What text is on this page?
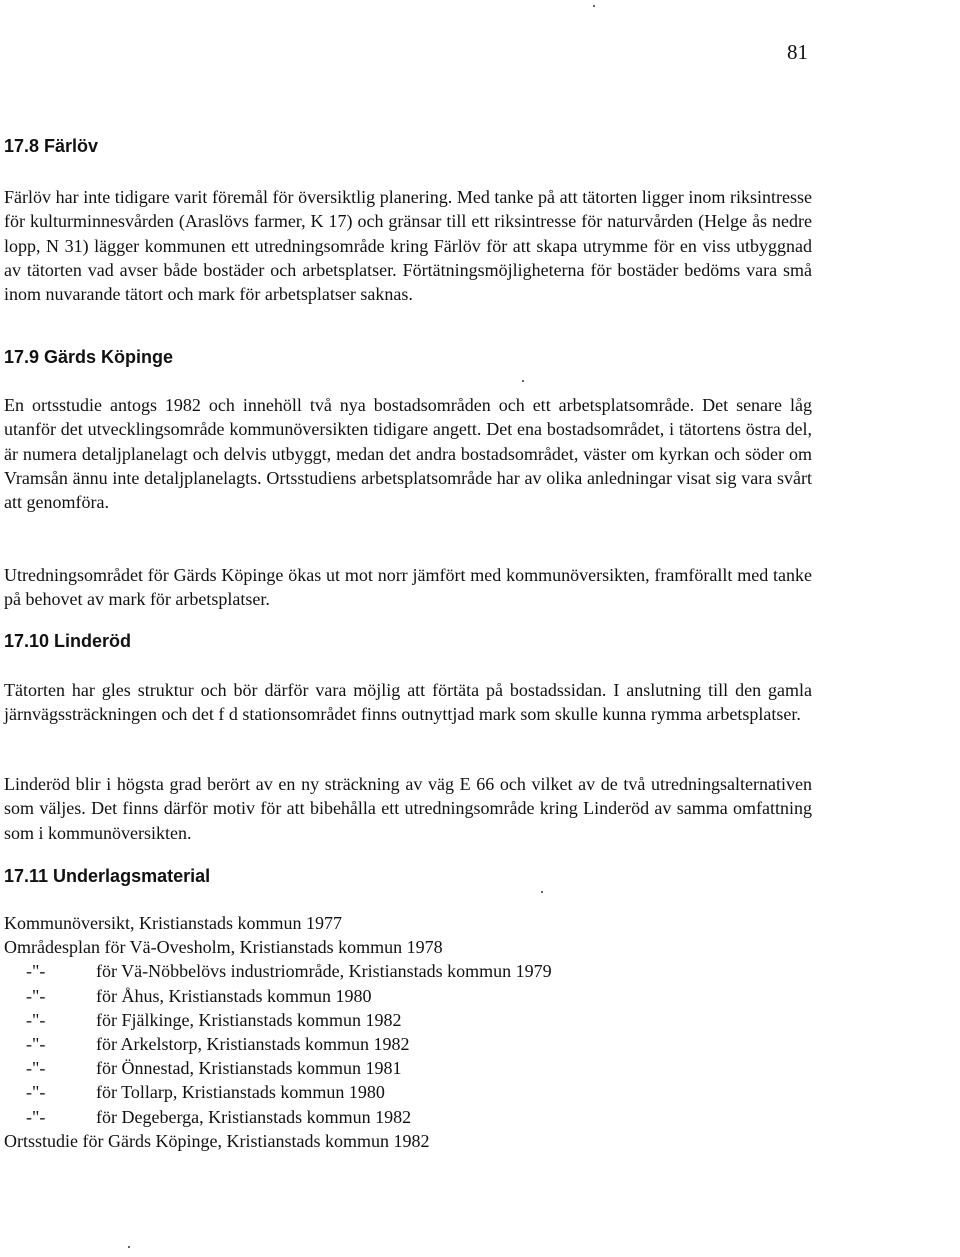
81
17.8 Färlöv

Färlöv har inte tidigare varit föremål för översiktlig planering. Med tanke på att tätorten ligger inom riksintresse för kulturminnesvården (Araslövs farmer, K 17) och gränsar till ett riksintresse för naturvården (Helge ås nedre lopp, N 31) lägger kommunen ett utredningsområde kring Färlöv för att skapa utrymme för en viss utbyggnad av tätorten vad avser både bostäder och arbetsplatser. Förtätningsmöjligheterna för bostäder bedöms vara små inom nuvarande tätort och mark för arbetsplatser saknas.

17.9 Gärds Köpinge

En ortsstudie antogs 1982 och innehöll två nya bostadsområden och ett arbetsplatsområde. Det senare låg utanför det utvecklingsområde kommunöversikten tidigare angett. Det ena bostadsområdet, i tätortens östra del, är numera detaljplanelagt och delvis utbyggt, medan det andra bostadsområdet, väster om kyrkan och söder om Vramsån ännu inte detaljplanelagts. Ortsstudiens arbetsplatsområde har av olika anledningar visat sig vara svårt att genomföra.

Utredningsområdet för Gärds Köpinge ökas ut mot norr jämfört med kommunöversikten, framförallt med tanke på behovet av mark för arbetsplatser.

17.10 Linderöd

Tätorten har gles struktur och bör därför vara möjlig att förtäta på bostadssidan. I anslutning till den gamla järnvägssträckningen och det f d stationsområdet finns outnyttjad mark som skulle kunna rymma arbetsplatser.

Linderöd blir i högsta grad berört av en ny sträckning av väg E 66 och vilket av de två utredningsalternativen som väljes. Det finns därför motiv för att bibehålla ett utredningsområde kring Linderöd av samma omfattning som i kommunöversikten.

17.11 Underlagsmaterial
Kommunöversikt, Kristianstads kommun 1977
Områdesplan för Vä-Ovesholm, Kristianstads kommun 1978
-"-	för Vä-Nöbbelövs industriområde, Kristianstads kommun 1979
-"-	för Åhus, Kristianstads kommun 1980
-"-	för Fjälkinge, Kristianstads kommun 1982
-"-	för Arkelstorp, Kristianstads kommun 1982
-"-	för Önnestad, Kristianstads kommun 1981
-"-	för Tollarp, Kristianstads kommun 1980
-"-	för Degeberga, Kristianstads kommun 1982
Ortsstudie för Gärds Köpinge, Kristianstads kommun 1982
